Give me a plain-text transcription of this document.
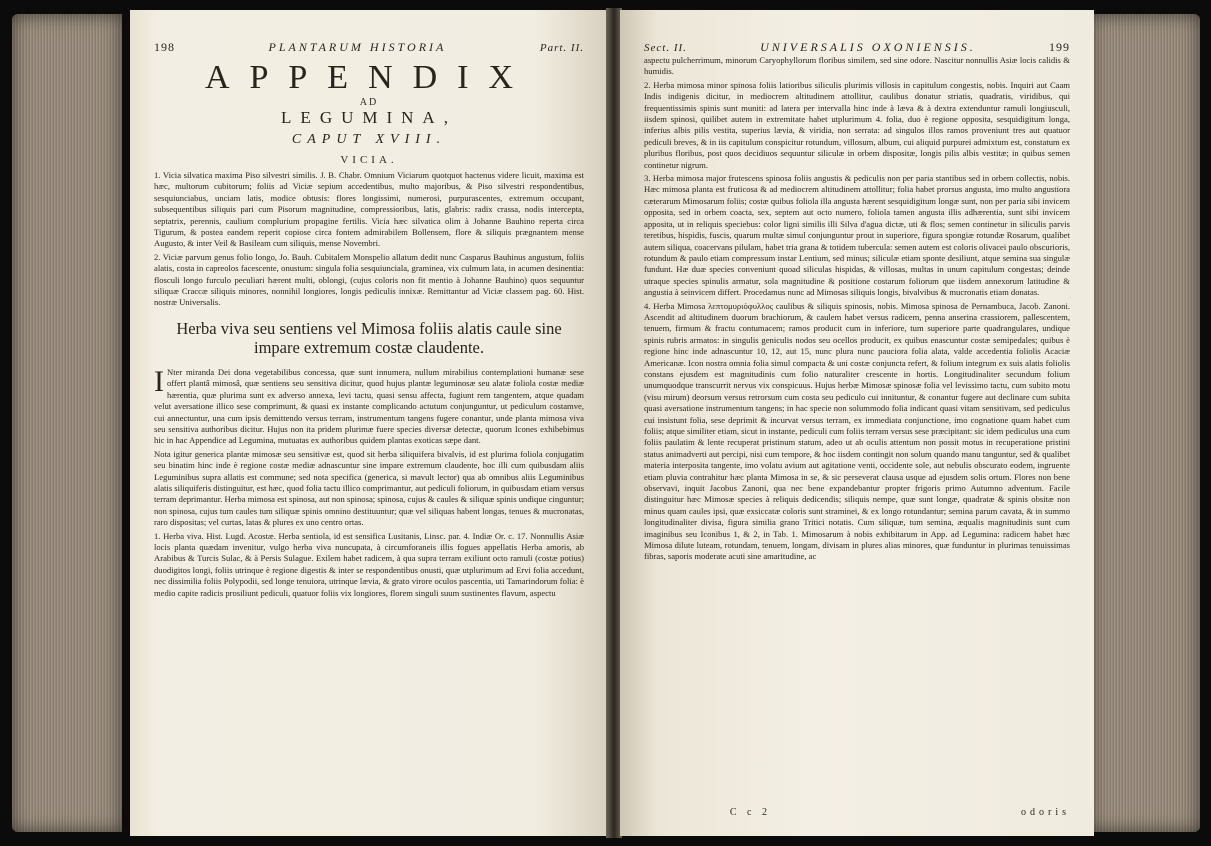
198	PLANTARUM HISTORIA	Part. II.
APPENDIX
AD
LEGUMINA,
CAPUT XVIII.
VICIA.

1. Vicia silvatica maxima Piso silvestri similis. J. B. Chabr. Omnium Viciarum quotquot hactenus videre licuit, maxima est hæc, multorum cubitorum; foliis ad Viciæ sepium accedentibus, multo majoribus, & Piso silvestri respondentibus, sesquiunciabus, unciam latis, modice obtusis: flores longissimi, numerosi, purpurascentes, extremum occupant, subsequentibus siliquis pari cum Pisorum magnitudine, compressioribus, latis, glabris: radix crassa, nodis intercepta, septatrix, perennis, caulium complurium propagine fertilis. Vicia hæc silvatica olim à Johanne Bauhino reperta circa Tigurum, & postea eandem reperit copiose circa fontem admirabilem Bollensem, flore & siliquis prægnantem mense Augusto, & inter Veil & Basileam cum siliquis, mense Novembri.

2. Viciæ parvum genus folio longo, Jo. Bauh. Cubitalem Monspelio allatum dedit nunc Casparus Bauhinus angustum, foliis alatis, costa in capreolos facescente, onustum: singula folia sesquiunciala, graminea, vix culmum lata, in acumen desinentia: flosculi longo furculo peculiari hærent multi, oblongi, (cujus coloris non fit mentio à Johanne Bauhino) quos sequuntur siliquæ Craccæ siliquis minores, nonnihil longiores, longis pediculis innixæ. Remittantur ad Viciæ classem pag. 60. Hist. nostræ Universalis.

Herba viva seu sentiens vel Mimosa foliis alatis caule sine impare extremum costæ claudente.

I Nter miranda Dei dona vegetabilibus concessa, quæ sunt innumera, nullum mirabilius contemplationi humanæ sese offert plantâ mimosâ, quæ sentiens seu sensitiva dicitur, quod hujus plantæ leguminosæ seu alatæ foliola costæ mediæ hærentia, quæ plurima sunt ex adverso annexa, levi tactu, quasi sensu affecta, fugiunt rem tangentem, atque quadam velut aversatione illico sese comprimunt, & quasi ex instante complicando actutum conjunguntur, ut pediculum costamve, cui annectuntur, una cum ipsis demittendo versus terram, instrumentum tangens fugere conantur, unde planta mimosa viva seu sensitiva authoribus dicitur. Hujus non ita pridem plurimæ fuere species diversæ detectæ, quorum Icones exhibebimus hic in hac Appendice ad Legumina, mutuatas ex authoribus quidem plantas exoticas sæpe dant.

Nota igitur generica plantæ mimosæ seu sensitivæ est, quod sit herba siliquifera bivalvis, id est plurima foliola conjugatim seu binatim hinc inde è regione costæ mediæ adnascuntur sine impare extremum claudente, hoc illi cum quibusdam aliis Leguminibus supra allatis est commune; sed nota specifica (generica, si mavult lector) qua ab omnibus aliis Leguminibus alatis siliquiferis distinguitur, est hæc, quod folia tactu illico comprimantur, aut pediculi foliorum, in quibusdam etiam versus terram deprimantur. Herba mimosa est spinosa, aut non spinosa; spinosa, cujus & caules & siliquæ spinis undique cinguntur; non spinosa, cujus tum caules tum siliquæ spinis omnino destituuntur; quæ vel siliquas habent longas, tenues & mucronatas, raro dispositas; vel curtas, latas & plures ex uno centro ortas.

1. Herba viva. Hist. Lugd. Acostæ. Herba sentiola, id est sensifica Lusitanis, Linsc. par. 4. Indiæ Or. c. 17. Nonnullis Asiæ locis planta quædam invenitur, vulgo herba viva nuncupata, à circumforaneis illis fogues appellatis Herba amoris, ab Arabibus & Turcis Sulac, & à Persis Sulague. Exilem habet radicem, à qua supra terram exiliunt octo ramuli (costæ potius) duodigitos longi, foliis utrinque è regione digestis & inter se respondentibus onusti, quæ utplurimum ad Ervi folia accedunt, nec dissimilia foliis Polypodii, sed longe tenuiora, utrinque lævia, & grato virore oculos pascentia, uti Tamarindorum folia: è medio capite radicis prosiliunt pediculi, quatuor foliis vix longiores, florem singuli suum sustinentes flavum, aspectu

Sect. II.	UNIVERSALIS OXONIENSIS.	199

aspectu pulcherrimum, minorum Caryophyllorum floribus similem, sed sine odore. Nascitur nonnullis Asiæ locis calidis & humidis.

2. Herba mimosa minor spinosa foliis latioribus siliculis plurimis villosis in capitulum congestis, nobis. Inquiri aut Caam Indis indigenis dicitur, in mediocrem altitudinem attollitur, caulibus donatur striatis, quadratis, viridibus, qui frequentissimis spinis sunt muniti: ad latera per intervalla hinc inde à læva & à dextra extenduntur ramuli longiusculi, iisdem spinosi, quilibet autem in extremitate habet utplurimum 4. folia, duo è regione opposita, sesquidigitum longa, inferius albis pilis vestita, superius lævia, & viridia, non serrata: ad singulos illos ramos proveniunt tres aut quatuor pediculi breves, & in iis capitulum conspicitur rotundum, villosum, album, cui aliquid purpurei admixtum est, constatum ex pluribus floribus, post quos decidiuos sequuntur siliculæ in orbem dispositæ, longis pilis albis vestitæ; in quibus semen continetur nigrum.

3. Herba mimosa major frutescens spinosa foliis angustis & pediculis non per paria stantibus sed in orbem collectis, nobis. Hæc mimosa planta est fruticosa & ad mediocrem altitudinem attollitur; folia habet prorsus angusta, imo multo angustiora cæterarum Mimosarum foliis; costæ quibus foliola illa angusta hærent sesquidigitum longæ sunt, non per paria sibi invicem opposita, sed in orbem coacta, sex, septem aut octo numero, foliola tamen angusta illis adhærentia, sunt sibi invicem apposita, ut in reliquis speciebus: color ligni similis illi Silva d'agua dictæ, uti & flos; semen continetur in siliculis parvis teretibus, hispidis, fuscis, quarum multæ simul conjunguntur prout in superiore, figura spongiæ rotundæ Rosarum, qualibet autem siliqua, coacervans pilulam, habet tria grana & totidem tubercula: semen autem est coloris olivacei paulo obscurioris, rotundum & paulo etiam compressum instar Lentium, sed minus; siliculæ etiam sponte desiliunt, atque semina sua singulæ fundunt. Hæ duæ species conveniunt quoad siliculas hispidas, & villosas, multas in unum capitulum congestas; deinde utraque species spinulis armatur, sola magnitudine & positione costarum foliorum que iisdem annexorum latitudine & angustia à seinvicem differt. Procedamus nunc ad Mimosas siliquis longis, bivalvibus & mucronatis etiam donatas.

4. Herba Mimosa λεπτομυριόφυλλος caulibus & siliquis spinosis, nobis. Mimosa spinosa de Pernambuca, Jacob. Zanoni. Ascendit ad altitudinem duorum brachiorum, & caulem habet versus radicem, penna anserina crassiorem, pallescentem, tenuem, firmum & fractu contumacem; ramos producit cum in inferiore, tum superiore parte quadrangulares, undique spinis rubris armatos: in singulis geniculis nodos seu ocellos producit, ex quibus enascuntur costæ semipedales; quibus è regione hinc inde adnascuntur 10, 12, aut 15, nunc plura nunc pauciora folia alata, valde accedentia foliolis Acaciæ Americanæ. Icon nostra omnia folia simul compacta & uni costæ conjuncta refert, & folium integrum ex suis alatis foliolis constans ejusdem est magnitudinis cum folio naturaliter crescente in hortis. Longitudinaliter secundum folium unumquodque transcurrit nervus vix conspicuus. Hujus herbæ Mimosæ spinosæ folia vel levissimo tactu, cum subito motu (visu mirum) deorsum versus retrorsum cum costa seu pediculo cui innituntur, & conantur fugere aut declinare cum subita quasi aversatione instrumentum tangens; in hac specie non solummodo folia indicant quasi vitam sensitivam, sed pediculus cui insistunt folia, sese deprimit & incurvat versus terram, ex immediata conjunctione, imo cognatione quam habet cum foliis; atque similiter etiam, sicut in instante, pediculi cum foliis terram versus sese præcipitant: sic idem pediculus una cum foliis paulatim & lente recuperat pristinum statum, adeo ut ab oculis attentum non possit motus in recuperatione pristini status animadverti aut percipi, nisi cum tempore, & hoc iisdem contingit non solum quando manu tanguntur, sed & qualibet materia interposita tangente, imo volatu avium aut agitatione venti, occidente sole, aut nebulis obscurato eodem, ingruente etiam pluvia contrahitur hæc planta Mimosa in se, & sic perseverat clausa usque ad ejusdem solis ortum. Flores non bene observavi, inquit Jacobus Zanoni, qua nec bene expandebantur propter frigoris primo Autumno adventum. Facile distinguitur hæc Mimosæ species à reliquis dedicendis; siliquis nempe, quæ sunt longæ, quadratæ & spinis obsitæ non minus quam caules ipsi, quæ exsiccatæ coloris sunt straminei, & ex longo rotundantur; semina parum cavata, & in summo longitudinaliter divisa, figura similia grano Tritici notatis. Cum siliquæ, tum semina, æqualis magnitudinis sunt cum imaginibus seu Iconibus 1, & 2, in Tab. 1. Mimosarum à nobis exhibitarum in App. ad Legumina: radicem habet hæc Mimosa dilute luteam, rotundam, tenuem, longam, divisam in plures alias minores, quæ funduntur in plurimas tenuissimas fibras, saporis moderate acuti sine amaritudine, ac

C c 2	odoris
